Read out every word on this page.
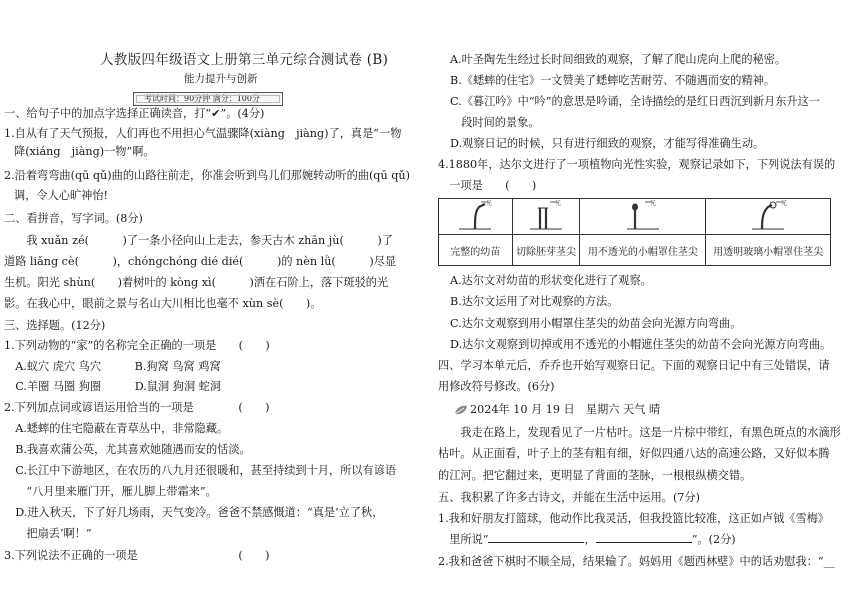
人教版四年级语文上册第三单元综合测试卷 (B)
能力提升与创新
考试时间：90分钟 满分：100分
一、给句子中的加点字选择正确读音，打“✔”。(4分)
1.自从有了天气预报，人们再也不用担心气温骤降(xiàng　jiàng)了，真是“一物
降(xiáng　jiàng)一物”啊。
2.沿着弯弯曲(qū qǔ)曲的山路往前走，你准会听到鸟儿们那婉转动听的曲(qū qǔ)
调，令人心旷神怡!
二、看拼音，写字词。(8分)
　　我 xuǎn zé(　　　)了一条小径向山上走去，参天古木 zhān jù(　　　)了
道路 liǎng cè(　　　)，chóngchóng dié dié(　　　)的 nèn lǜ(　　　)尽显
生机。阳光 shùn(　　)着树叶的 kòng xì(　　　)洒在石阶上，落下斑驳的光
影。在我心中，眼前之景与名山大川相比也毫不 xùn sè(　　)。
三、选择题。(12分)
1.下列动物的“家”的名称完全正确的一项是　　(　　)
　A.蚁穴 虎穴 鸟穴　　　B.狗窝 鸟窝 鸡窝
　C.羊圈 马圈 狗圈　　　D.鼠洞 狗洞 蛇洞
2.下列加点词或谚语运用恰当的一项是　　　　(　　)
　A.蟋蟀的住宅隐蔽在青草丛中，非常隐藏。
　B.我喜欢蒲公英，尤其喜欢她随遇而安的恬淡。
　C.长江中下游地区，在农历的八九月还很暖和，甚至持续到十月，所以有谚语
　　“八月里来雁门开，雁儿脚上带霜来”。
　D.进入秋天，下了好几场雨，天气变冷。爸爸不禁感慨道：“真是‘立了秋，
　　把扇丢’啊！”
3.下列说法不正确的一项是　　　　　　　　　(　　)
A.叶圣陶先生经过长时间细致的观察，了解了爬山虎向上爬的秘密。
B.《蟋蟀的住宅》一文赞美了蟋蟀吃苦耐劳、不随遇而安的精神。
C.《暮江吟》中“吟”的意思是吟诵，全诗描绘的是红日西沉到新月东升这一
　段时间的景象。
D.观察日记的时候，只有进行细致的观察，才能写得准确生动。
4.1880年，达尔文进行了一项植物向光性实验，观察记录如下，下列说法有误的
　一项是　　(　　)
光	光	光	光

完整的幼苗	切除胚芽茎尖	用不透光的小帽罩住茎尖	用透明玻璃小帽罩住茎尖
A.达尔文对幼苗的形状变化进行了观察。
B.达尔文运用了对比观察的方法。
C.达尔文观察到用小帽罩住茎尖的幼苗会向光源方向弯曲。
D.达尔文观察到切掉或用不透光的小帽遮住茎尖的幼苗不会向光源方向弯曲。
四、学习本单元后，乔乔也开始写观察日记。下面的观察日记中有三处错误，请
用修改符号修改。(6分)
2024年 10 月 19 日　星期六 天气 晴
　　我走在路上，发现看见了一片枯叶。这是一片棕中带红，有黑色斑点的水滴形
枯叶。从正面看，叶子上的茎有粗有细，好似四通八达的高速公路，又好似本腾
的江河。把它翻过来，更明显了背面的茎脉，一根根纵横交错。
五、我积累了许多古诗文，并能在生活中运用。(7分)
1.我和好朋友打篮球，他动作比我灵活，但我投篮比较准，这正如卢钺《雪梅》
　里所说“	，	”。(2分)
2.我和爸爸下棋时不顺全局，结果输了。妈妈用《题西林壁》中的话劝慰我：“__
